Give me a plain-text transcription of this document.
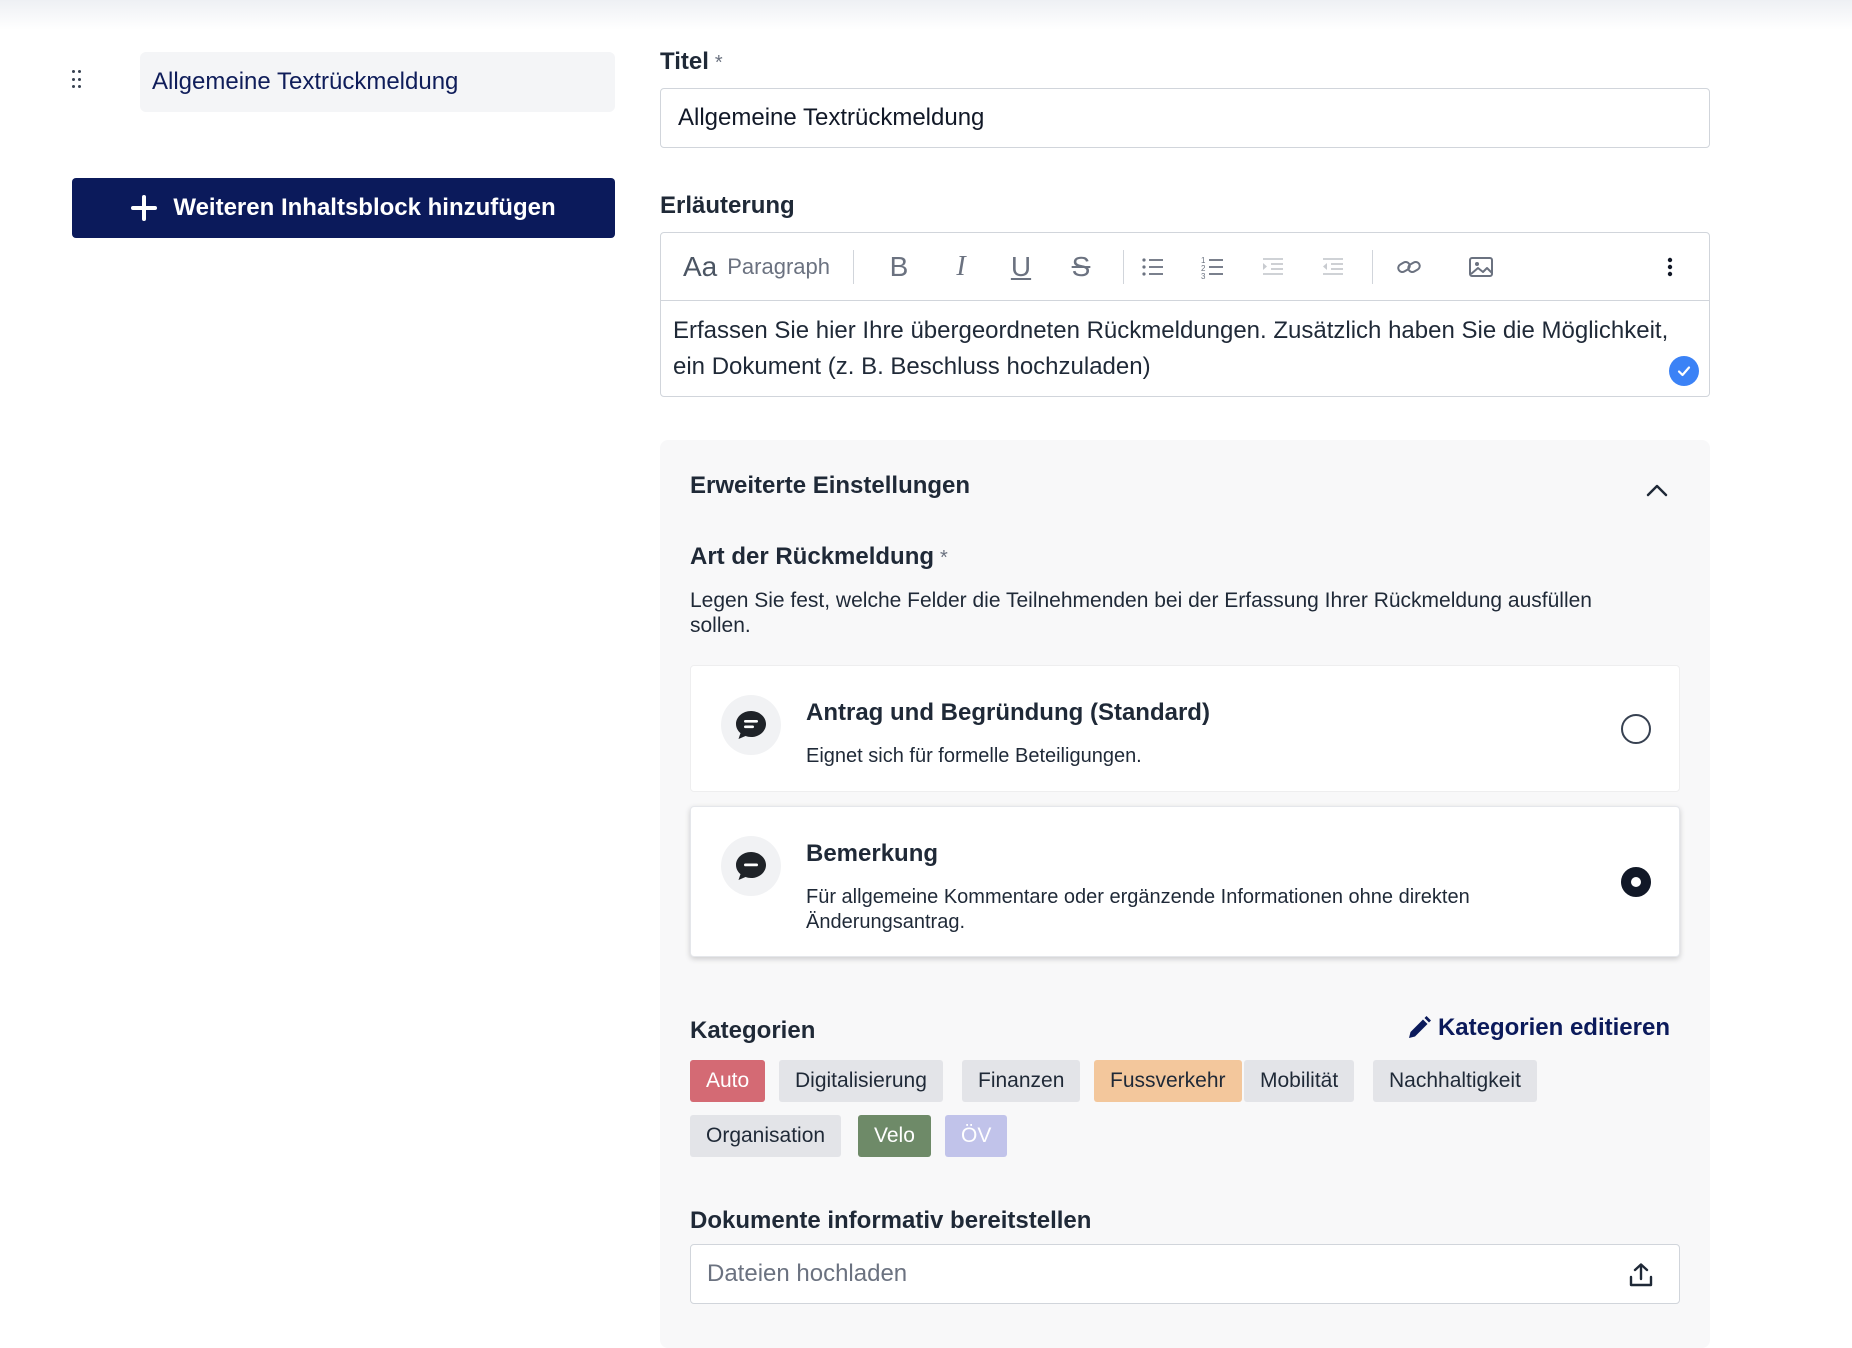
Allgemeine Textrückmeldung
Weiteren Inhaltsblock hinzufügen
Titel *
Allgemeine Textrückmeldung
Erläuterung
Aa Paragraph	B	I	U	S	1
2
3
Erfassen Sie hier Ihre übergeordneten Rückmeldungen. Zusätzlich haben Sie die Möglichkeit, ein Dokument (z. B. Beschluss hochzuladen)
Erweiterte Einstellungen
Art der Rückmeldung *
Legen Sie fest, welche Felder die Teilnehmenden bei der Erfassung Ihrer Rückmeldung ausfüllen sollen.
Antrag und Begründung (Standard)
Eignet sich für formelle Beteiligungen.
Bemerkung
Für allgemeine Kommentare oder ergänzende Informationen ohne direkten Änderungsantrag.
Kategorien	Kategorien editieren
Auto Digitalisierung Finanzen Fussverkehr Mobilität Nachhaltigkeit
Organisation Velo ÖV
Dokumente informativ bereitstellen
Dateien hochladen
